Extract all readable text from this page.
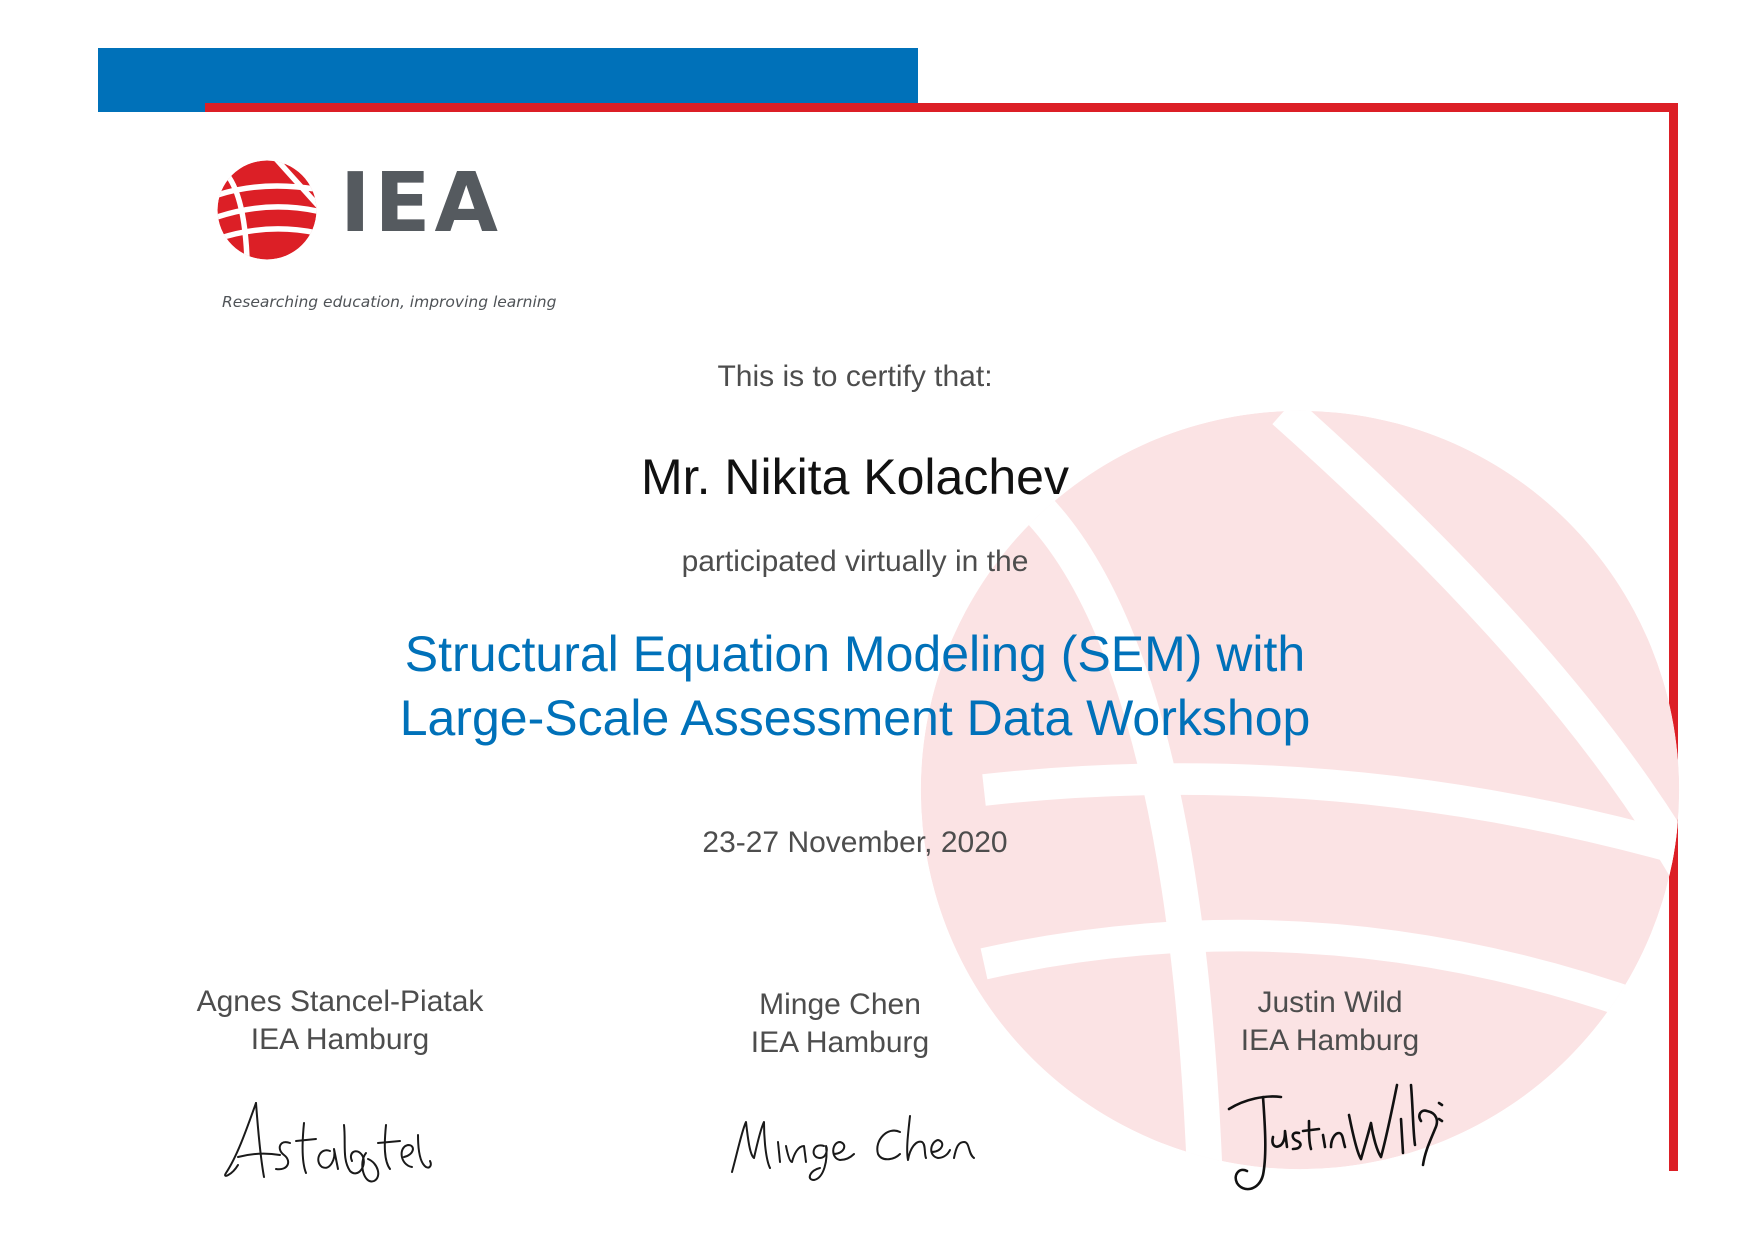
IEA
Researching education, improving learning
This is to certify that:
Mr. Nikita Kolachev
participated virtually in the
Structural Equation Modeling (SEM) with
Large-Scale Assessment Data Workshop
23-27 November, 2020
Agnes Stancel-Piatak
IEA Hamburg
Minge Chen
IEA Hamburg
Justin Wild
IEA Hamburg
